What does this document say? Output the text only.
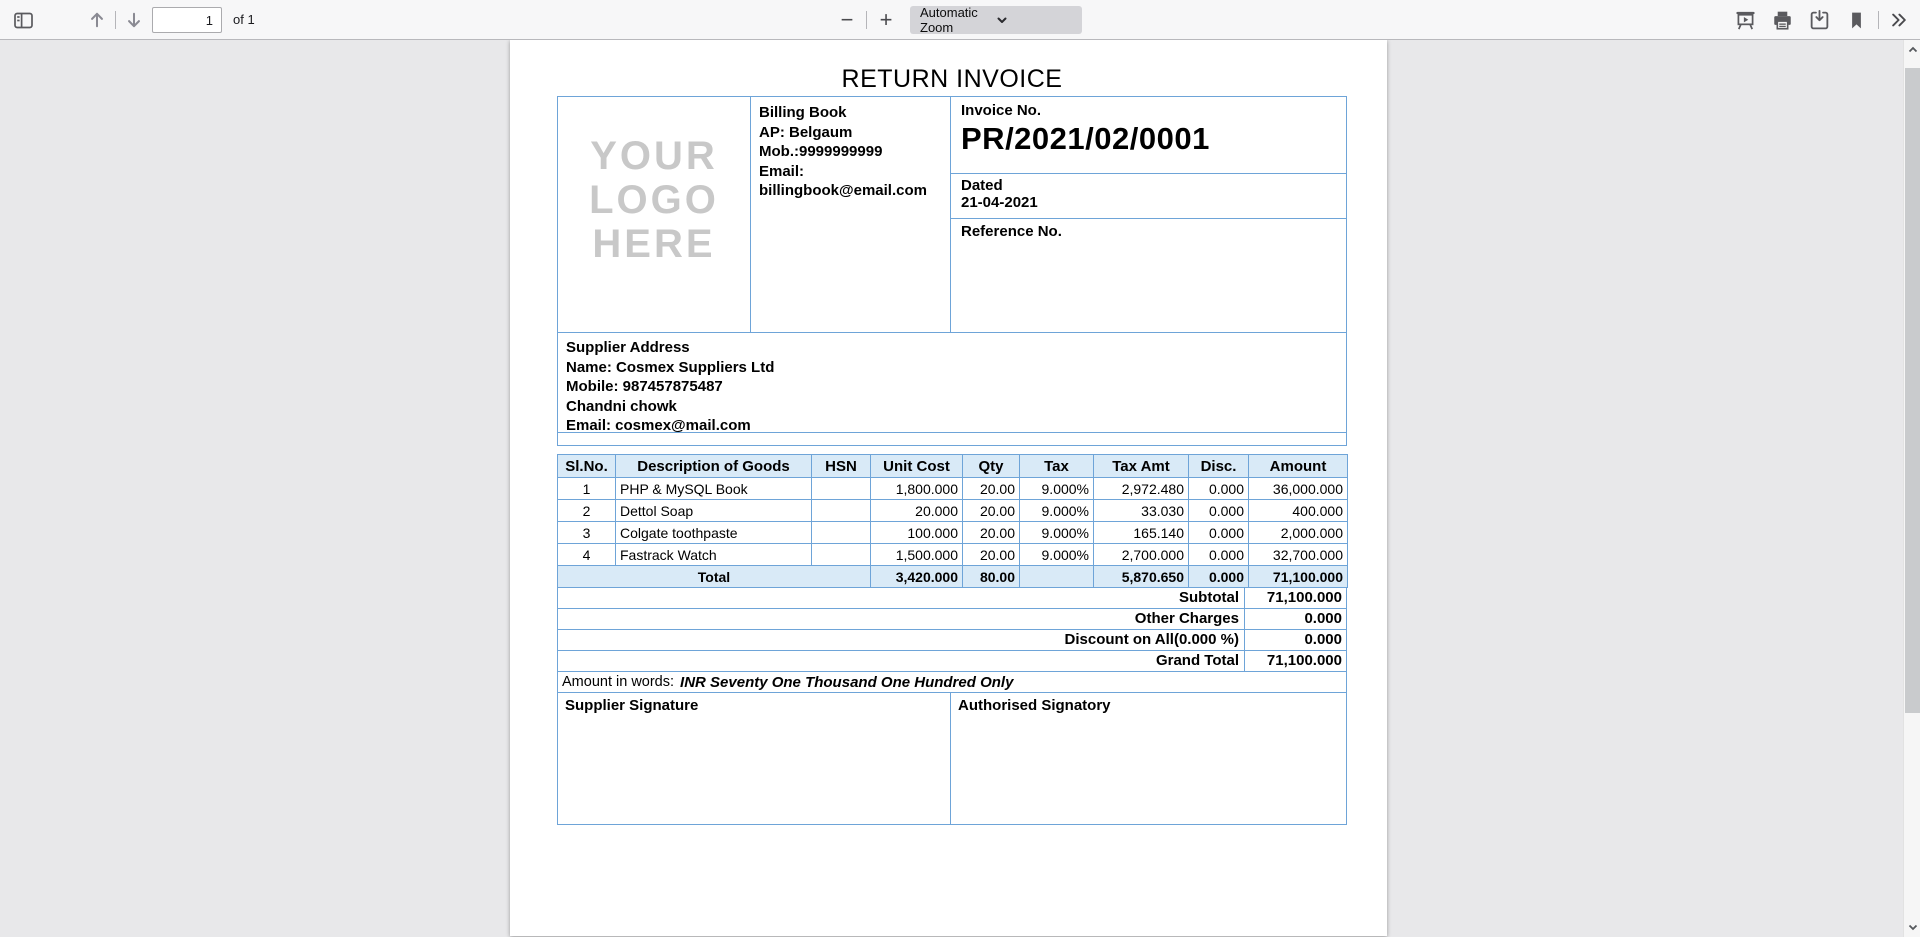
1
of 1	−	+	Automatic Zoom
RETURN INVOICE
YOUR
LOGO
HERE
Billing Book
AP: Belgaum
Mob.:9999999999
Email:
billingbook@email.com
Invoice No.
PR/2021/02/0001
Dated
21-04-2021
Reference No.
Supplier Address
Name: Cosmex Suppliers Ltd
Mobile: 987457875487
Chandni chowk
Email: cosmex@mail.com
Sl.No.	Description of Goods	HSN	Unit Cost	Qty	Tax	Tax Amt	Disc.	Amount
1	PHP & MySQL Book		1,800.000	20.00	9.000%	2,972.480	0.000	36,000.000
2	Dettol Soap		20.000	20.00	9.000%	33.030	0.000	400.000
3	Colgate toothpaste		100.000	20.00	9.000%	165.140	0.000	2,000.000
4	Fastrack Watch		1,500.000	20.00	9.000%	2,700.000	0.000	32,700.000
Total			3,420.000	80.00		5,870.650	0.000	71,100.000
Subtotal	71,100.000
Other Charges	0.000
Discount on All(0.000 %)	0.000
Grand Total	71,100.000
Amount in words: INR Seventy One Thousand One Hundred Only
Supplier Signature	Authorised Signatory
